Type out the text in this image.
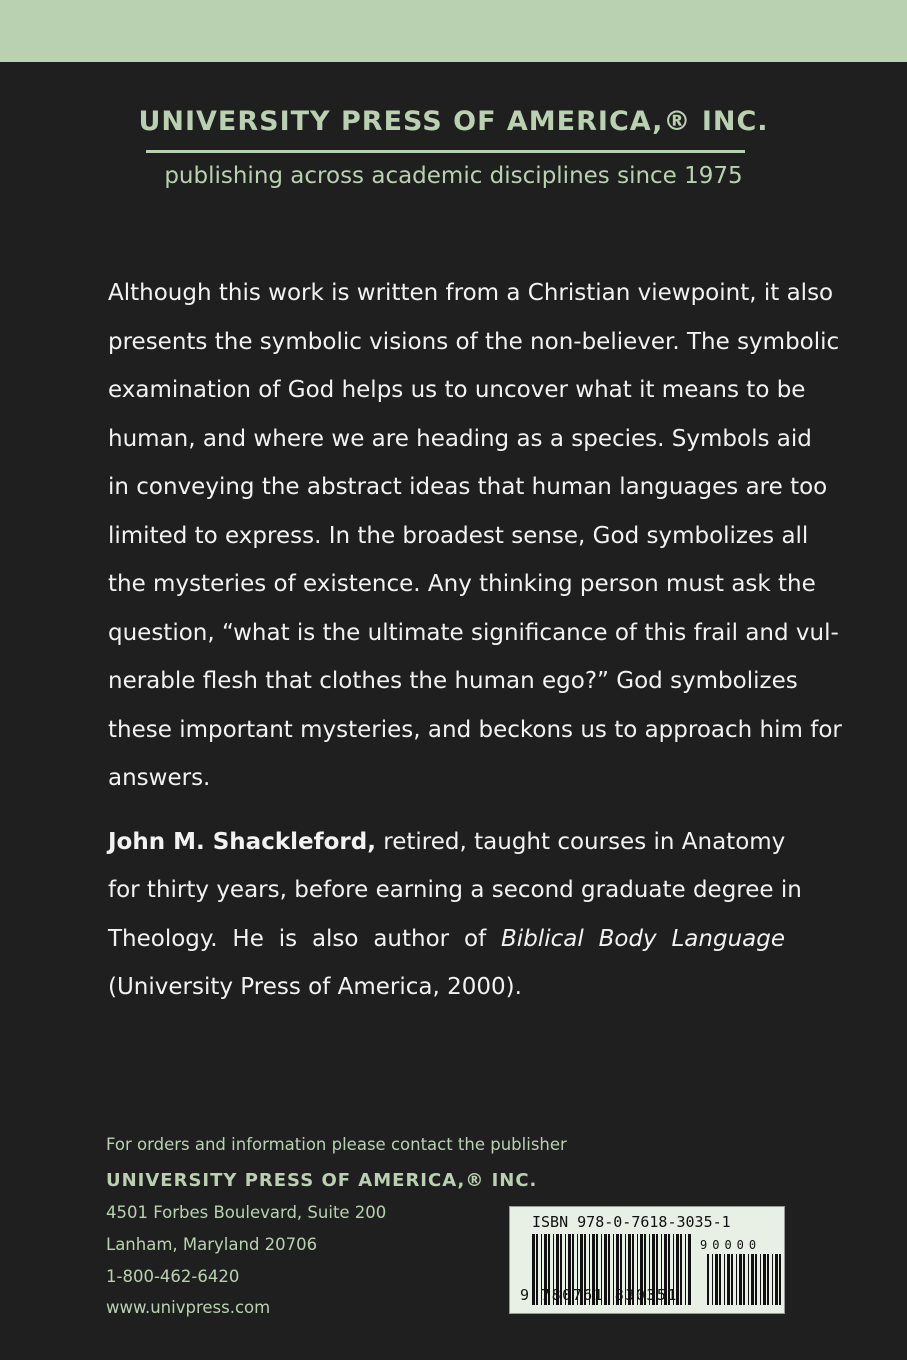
UNIVERSITY PRESS OF AMERICA,® INC.
publishing across academic disciplines since 1975
Although this work is written from a Christian viewpoint, it also
presents the symbolic visions of the non-believer. The symbolic
examination of God helps us to uncover what it means to be
human, and where we are heading as a species. Symbols aid
in conveying the abstract ideas that human languages are too
limited to express. In the broadest sense, God symbolizes all
the mysteries of existence. Any thinking person must ask the
question, “what is the ultimate significance of this frail and vul-
nerable flesh that clothes the human ego?” God symbolizes
these important mysteries, and beckons us to approach him for
answers.
John M. Shackleford, retired, taught courses in Anatomy
for thirty years, before earning a second graduate degree in
Theology. He is also author of Biblical Body Language
(University Press of America, 2000).
For orders and information please contact the publisher
UNIVERSITY PRESS OF AMERICA,® INC.
4501 Forbes Boulevard, Suite 200
Lanham, Maryland 20706
1-800-462-6420
www.univpress.com
ISBN 978-0-7618-3035-1
90000
9 780761 830351
